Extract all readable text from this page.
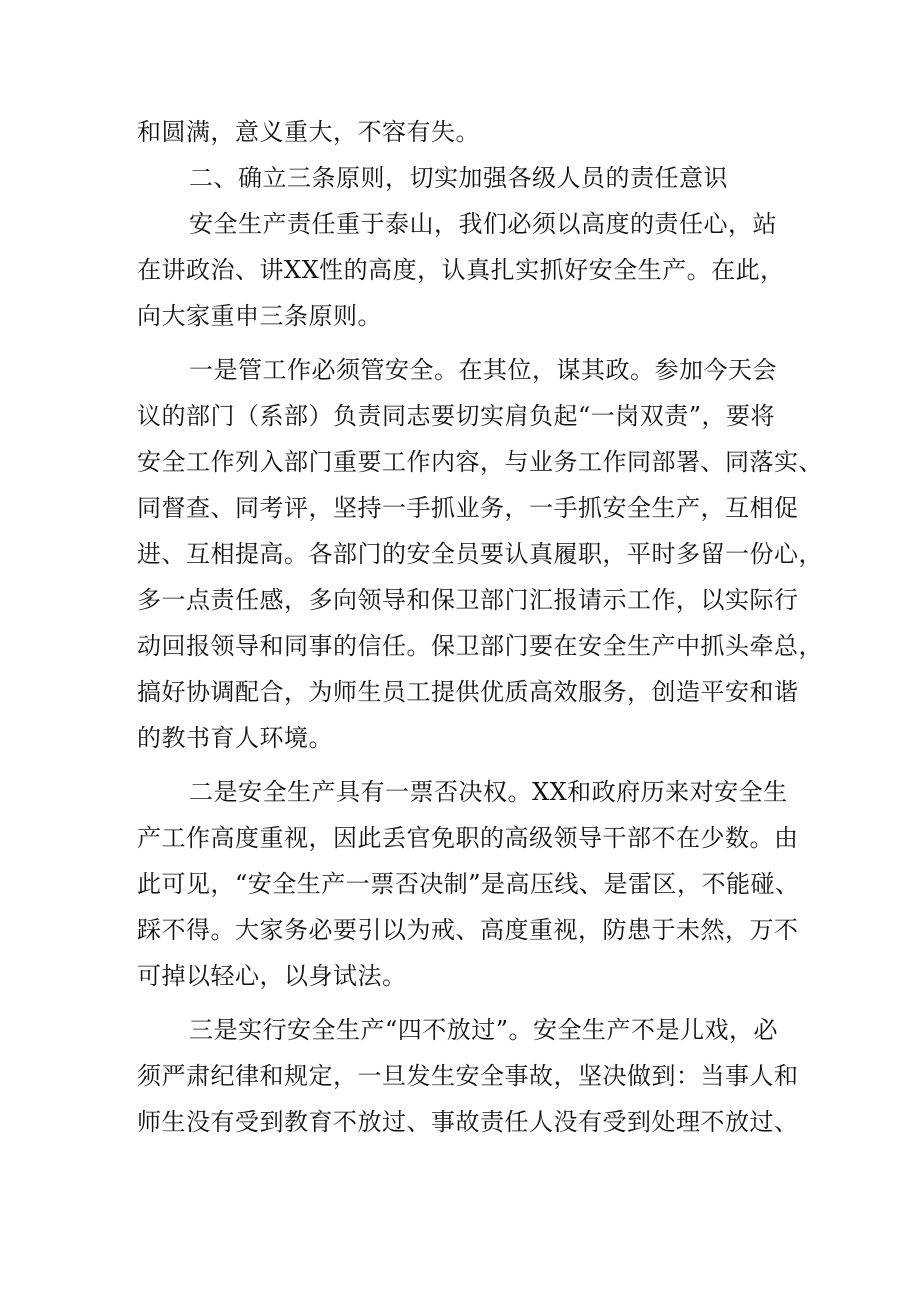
和圆满，意义重大，不容有失。
二、确立三条原则，切实加强各级人员的责任意识
安全生产责任重于泰山，我们必须以高度的责任心，站
在讲政治、讲XX性的高度，认真扎实抓好安全生产。在此，
向大家重申三条原则。
一是管工作必须管安全。在其位，谋其政。参加今天会
议的部门（系部）负责同志要切实肩负起“一岗双责”，要将
安全工作列入部门重要工作内容，与业务工作同部署、同落实、
同督查、同考评，坚持一手抓业务，一手抓安全生产，互相促
进、互相提高。各部门的安全员要认真履职，平时多留一份心，
多一点责任感，多向领导和保卫部门汇报请示工作，以实际行
动回报领导和同事的信任。保卫部门要在安全生产中抓头牵总，
搞好协调配合，为师生员工提供优质高效服务，创造平安和谐
的教书育人环境。
二是安全生产具有一票否决权。XX和政府历来对安全生
产工作高度重视，因此丢官免职的高级领导干部不在少数。由
此可见，“安全生产一票否决制”是高压线、是雷区，不能碰、
踩不得。大家务必要引以为戒、高度重视，防患于未然，万不
可掉以轻心，以身试法。
三是实行安全生产“四不放过”。安全生产不是儿戏，必
须严肃纪律和规定，一旦发生安全事故，坚决做到：当事人和
师生没有受到教育不放过、事故责任人没有受到处理不放过、
